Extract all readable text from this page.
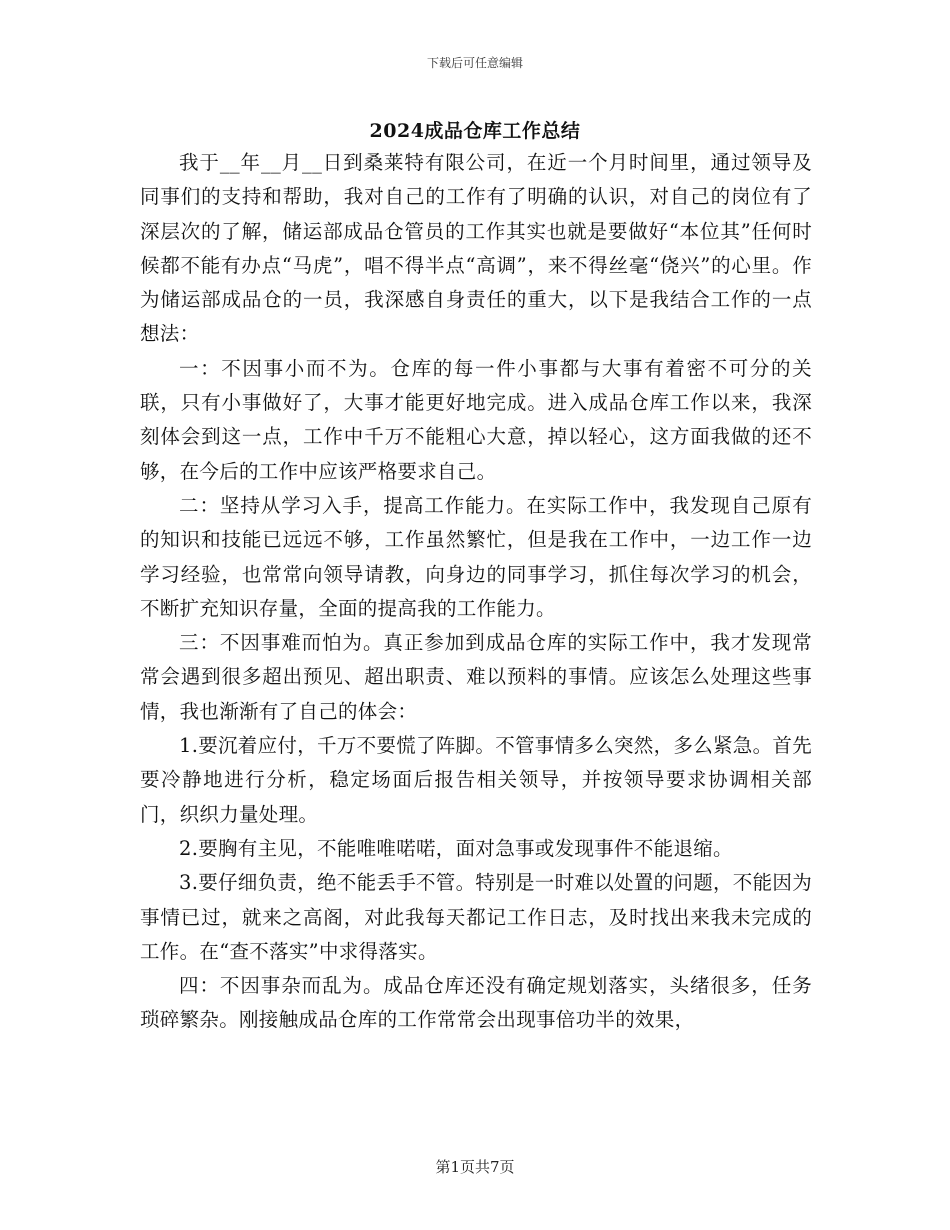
下载后可任意编辑
2024成品仓库工作总结

我于__年__月__日到桑莱特有限公司，在近一个月时间里，通过领导及同事们的支持和帮助，我对自己的工作有了明确的认识，对自己的岗位有了深层次的了解，储运部成品仓管员的工作其实也就是要做好“本位其”任何时候都不能有办点“马虎”，唱不得半点“高调”，来不得丝毫“侥兴”的心里。作为储运部成品仓的一员，我深感自身责任的重大，以下是我结合工作的一点想法：

一：不因事小而不为。仓库的每一件小事都与大事有着密不可分的关联，只有小事做好了，大事才能更好地完成。进入成品仓库工作以来，我深刻体会到这一点，工作中千万不能粗心大意，掉以轻心，这方面我做的还不够，在今后的工作中应该严格要求自己。

二：坚持从学习入手，提高工作能力。在实际工作中，我发现自己原有的知识和技能已远远不够，工作虽然繁忙，但是我在工作中，一边工作一边学习经验，也常常向领导请教，向身边的同事学习，抓住每次学习的机会，不断扩充知识存量，全面的提高我的工作能力。

三：不因事难而怕为。真正参加到成品仓库的实际工作中，我才发现常常会遇到很多超出预见、超出职责、难以预料的事情。应该怎么处理这些事情，我也渐渐有了自己的体会：

1.要沉着应付，千万不要慌了阵脚。不管事情多么突然，多么紧急。首先要冷静地进行分析，稳定场面后报告相关领导，并按领导要求协调相关部门，织织力量处理。

2.要胸有主见，不能唯唯喏喏，面对急事或发现事件不能退缩。

3.要仔细负责，绝不能丢手不管。特别是一时难以处置的问题，不能因为事情已过，就来之高阁，对此我每天都记工作日志，及时找出来我未完成的工作。在“查不落实”中求得落实。

四：不因事杂而乱为。成品仓库还没有确定规划落实，头绪很多，任务琐碎繁杂。刚接触成品仓库的工作常常会出现事倍功半的效果，

第1页共7页
